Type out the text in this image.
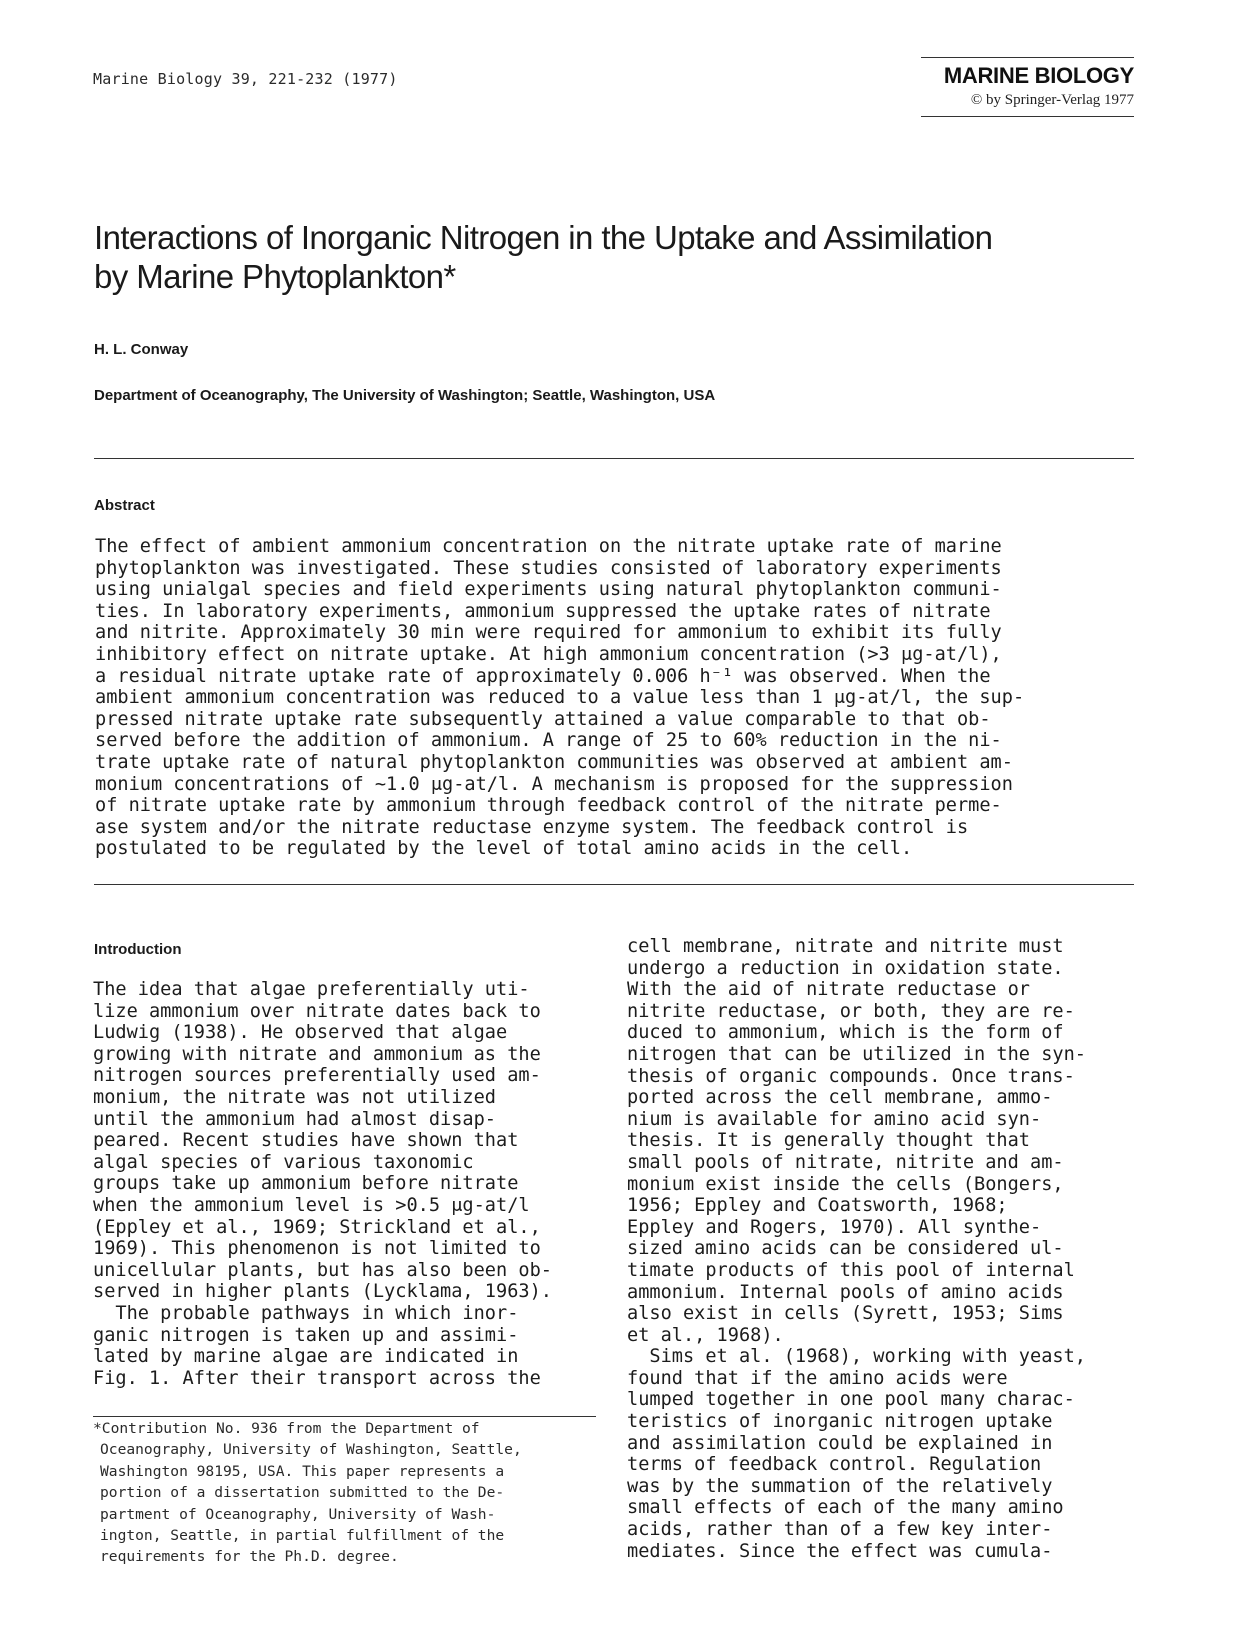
Marine Biology 39, 221-232 (1977)	MARINE BIOLOGY
© by Springer-Verlag 1977
Interactions of Inorganic Nitrogen in the Uptake and Assimilation
by Marine Phytoplankton*
H. L. Conway
Department of Oceanography, The University of Washington; Seattle, Washington, USA
Abstract
The effect of ambient ammonium concentration on the nitrate uptake rate of marine
phytoplankton was investigated. These studies consisted of laboratory experiments
using unialgal species and field experiments using natural phytoplankton communi-
ties. In laboratory experiments, ammonium suppressed the uptake rates of nitrate
and nitrite. Approximately 30 min were required for ammonium to exhibit its fully
inhibitory effect on nitrate uptake. At high ammonium concentration (>3 μg-at/l),
a residual nitrate uptake rate of approximately 0.006 h⁻¹ was observed. When the
ambient ammonium concentration was reduced to a value less than 1 μg-at/l, the sup-
pressed nitrate uptake rate subsequently attained a value comparable to that ob-
served before the addition of ammonium. A range of 25 to 60% reduction in the ni-
trate uptake rate of natural phytoplankton communities was observed at ambient am-
monium concentrations of ~1.0 μg-at/l. A mechanism is proposed for the suppression
of nitrate uptake rate by ammonium through feedback control of the nitrate perme-
ase system and/or the nitrate reductase enzyme system. The feedback control is
postulated to be regulated by the level of total amino acids in the cell.
Introduction
The idea that algae preferentially uti-
lize ammonium over nitrate dates back to
Ludwig (1938). He observed that algae
growing with nitrate and ammonium as the
nitrogen sources preferentially used am-
monium, the nitrate was not utilized
until the ammonium had almost disap-
peared. Recent studies have shown that
algal species of various taxonomic
groups take up ammonium before nitrate
when the ammonium level is >0.5 μg-at/l
(Eppley et al., 1969; Strickland et al.,
1969). This phenomenon is not limited to
unicellular plants, but has also been ob-
served in higher plants (Lycklama, 1963).
The probable pathways in which inor-
ganic nitrogen is taken up and assimi-
lated by marine algae are indicated in
Fig. 1. After their transport across the
*Contribution No. 936 from the Department of
Oceanography, University of Washington, Seattle,
Washington 98195, USA. This paper represents a
portion of a dissertation submitted to the De-
partment of Oceanography, University of Wash-
ington, Seattle, in partial fulfillment of the
requirements for the Ph.D. degree.
cell membrane, nitrate and nitrite must
undergo a reduction in oxidation state.
With the aid of nitrate reductase or
nitrite reductase, or both, they are re-
duced to ammonium, which is the form of
nitrogen that can be utilized in the syn-
thesis of organic compounds. Once trans-
ported across the cell membrane, ammo-
nium is available for amino acid syn-
thesis. It is generally thought that
small pools of nitrate, nitrite and am-
monium exist inside the cells (Bongers,
1956; Eppley and Coatsworth, 1968;
Eppley and Rogers, 1970). All synthe-
sized amino acids can be considered ul-
timate products of this pool of internal
ammonium. Internal pools of amino acids
also exist in cells (Syrett, 1953; Sims
et al., 1968).
Sims et al. (1968), working with yeast,
found that if the amino acids were
lumped together in one pool many charac-
teristics of inorganic nitrogen uptake
and assimilation could be explained in
terms of feedback control. Regulation
was by the summation of the relatively
small effects of each of the many amino
acids, rather than of a few key inter-
mediates. Since the effect was cumula-
